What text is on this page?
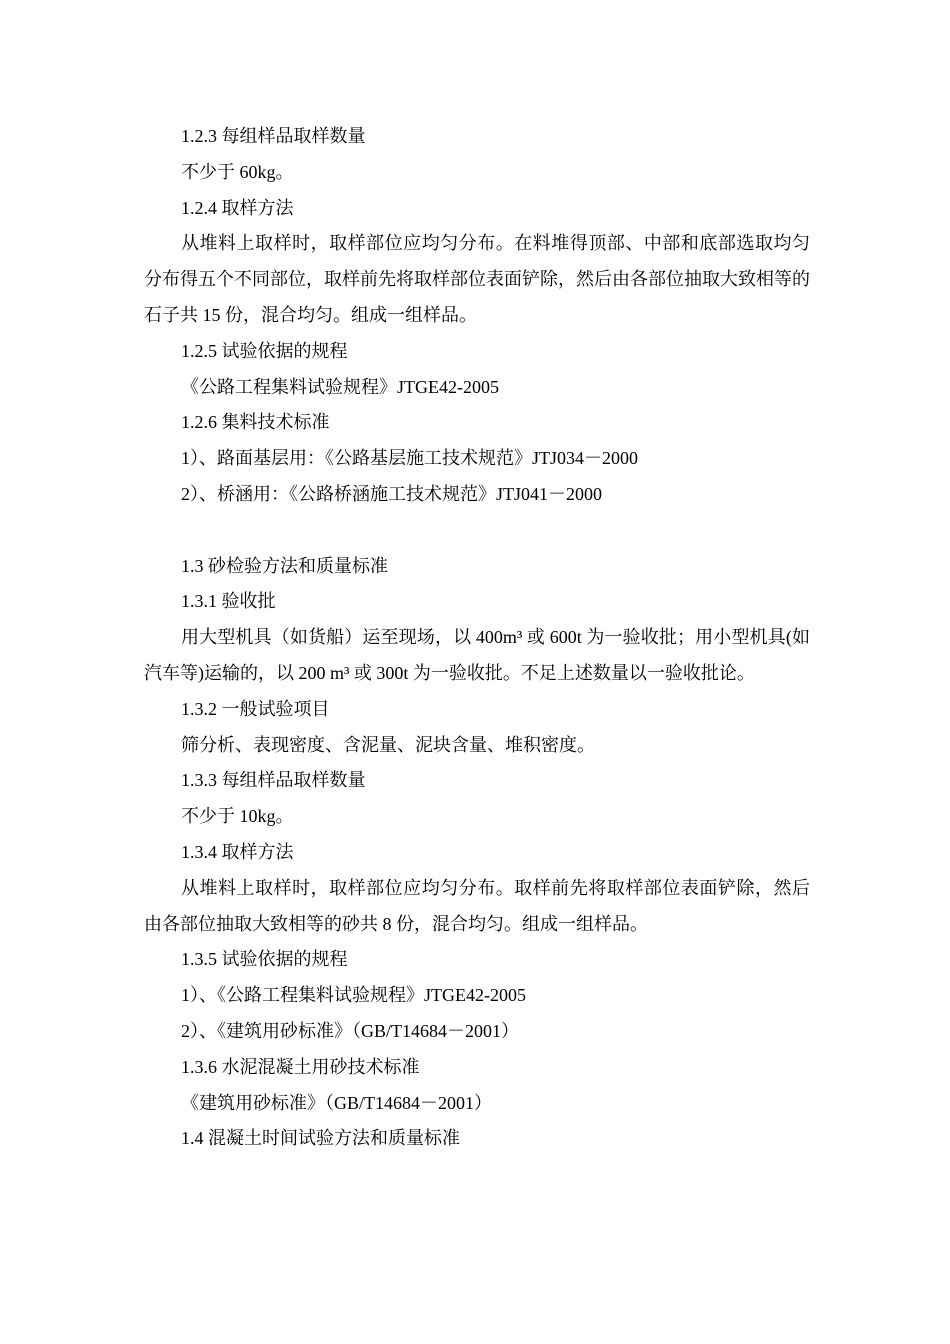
1.2.3 每组样品取样数量
不少于 60kg。
1.2.4 取样方法

从堆料上取样时，取样部位应均匀分布。在料堆得顶部、中部和底部选取均匀分布得五个不同部位，取样前先将取样部位表面铲除，然后由各部位抽取大致相等的石子共 15 份，混合均匀。组成一组样品。

1.2.5 试验依据的规程
《公路工程集料试验规程》JTGE42-2005
1.2.6 集料技术标准
1）、路面基层用：《公路基层施工技术规范》JTJ034－2000
2）、桥涵用：《公路桥涵施工技术规范》JTJ041－2000
1.3 砂检验方法和质量标准
1.3.1 验收批

用大型机具（如货船）运至现场，以 400m³ 或 600t 为一验收批；用小型机具(如汽车等)运输的，以 200 m³ 或 300t 为一验收批。不足上述数量以一验收批论。

1.3.2 一般试验项目
筛分析、表现密度、含泥量、泥块含量、堆积密度。
1.3.3 每组样品取样数量
不少于 10kg。
1.3.4 取样方法

从堆料上取样时，取样部位应均匀分布。取样前先将取样部位表面铲除，然后由各部位抽取大致相等的砂共 8 份，混合均匀。组成一组样品。

1.3.5 试验依据的规程
1）、《公路工程集料试验规程》JTGE42-2005
2）、《建筑用砂标准》（GB/T14684－2001）
1.3.6 水泥混凝土用砂技术标准
《建筑用砂标准》（GB/T14684－2001）
1.4 混凝土时间试验方法和质量标准
